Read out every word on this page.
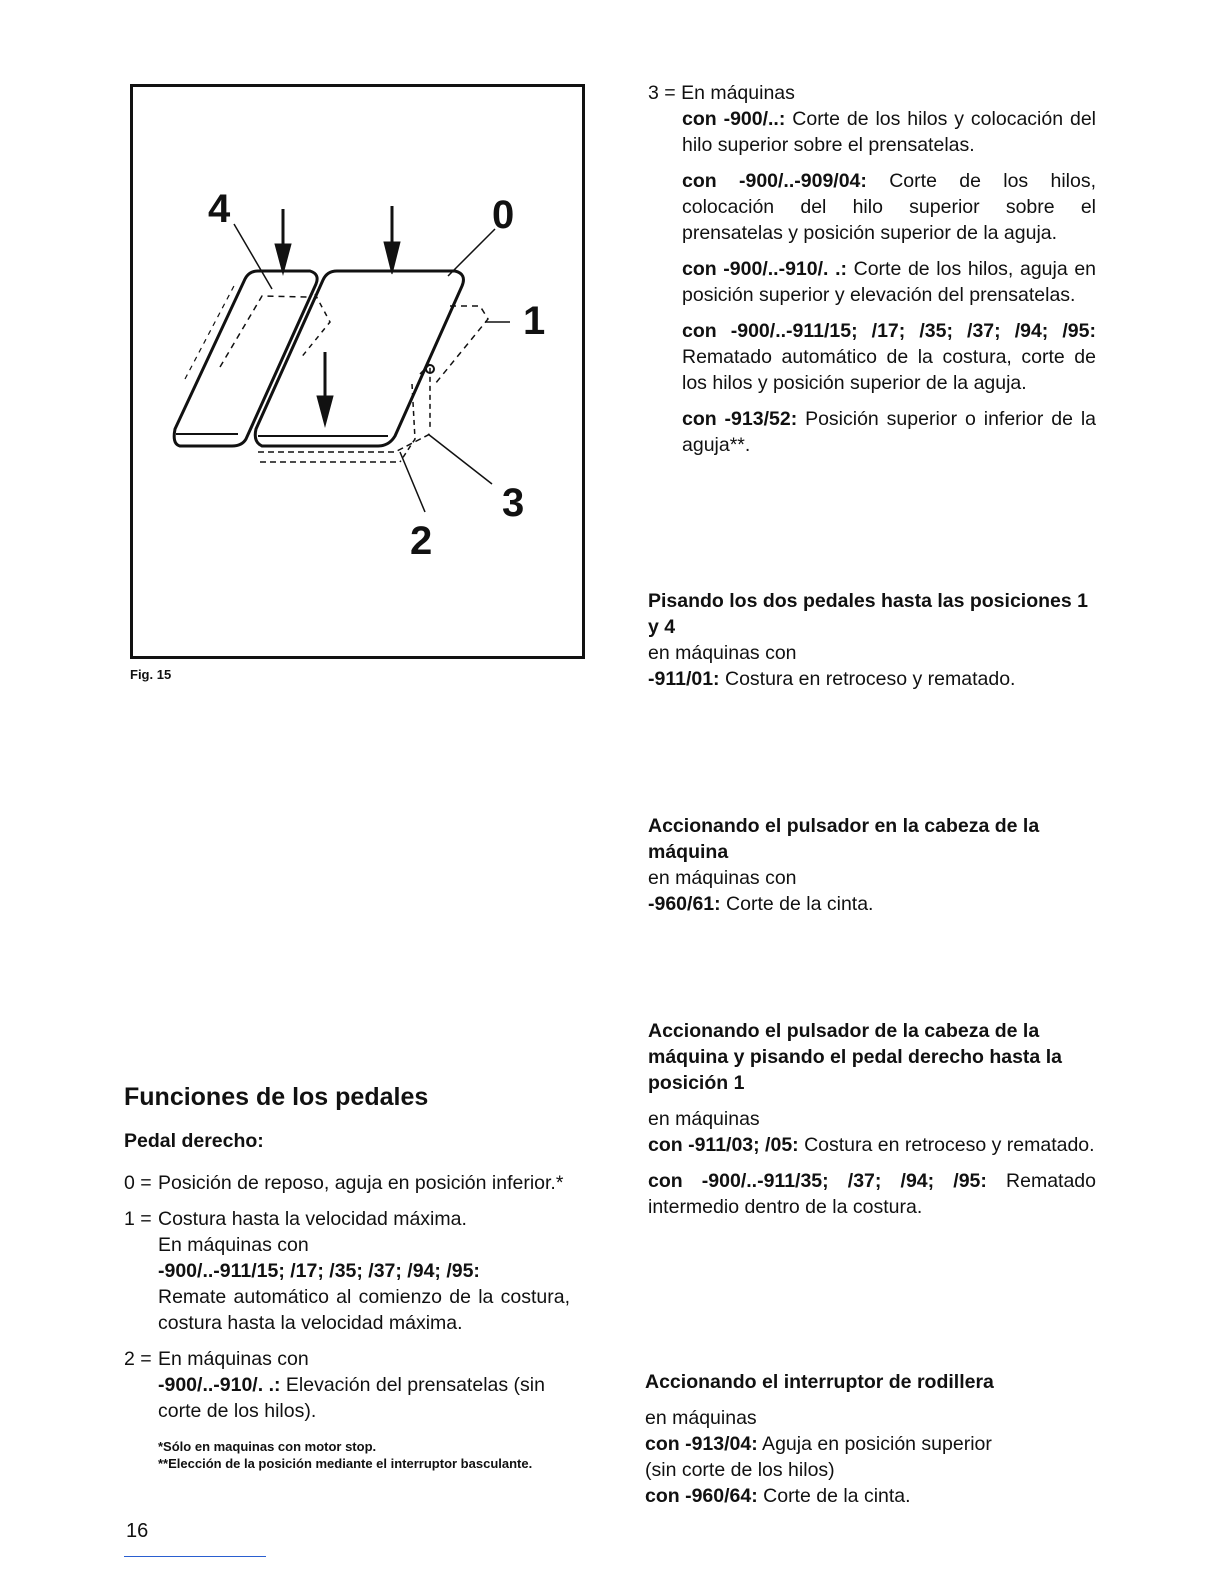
4	0
1
3
2
Fig. 15

3 = En máquinas

con -900/..: Corte de los hilos y colocación del hilo superior sobre el prensatelas.

con -900/..-909/04: Corte de los hilos, colocación del hilo superior sobre el prensatelas y posición superior de la aguja.

con -900/..-910/. .: Corte de los hilos, aguja en posición superior y elevación del prensatelas.

con -900/..-911/15; /17; /35; /37; /94; /95: Rematado automático de la costura, corte de los hilos y posición superior de la aguja.

con -913/52: Posición superior o inferior de la aguja**.

Pisando los dos pedales hasta las posiciones 1 y 4

en máquinas con

-911/01: Costura en retroceso y rematado.

Accionando el pulsador en la cabeza de la máquina

en máquinas con

-960/61: Corte de la cinta.

Accionando el pulsador de la cabeza de la máquina y pisando el pedal derecho hasta la posición 1

en máquinas

con -911/03; /05: Costura en retroceso y rematado.

con -900/..-911/35; /37; /94; /95: Rematado intermedio dentro de la costura.

Accionando el interruptor de rodillera

en máquinas

con -913/04: Aguja en posición superior

(sin corte de los hilos)

con -960/64: Corte de la cinta.

Funciones de los pedales
Pedal derecho:
0 = Posición de reposo, aguja en posición inferior.*
1 = Costura hasta la velocidad máxima.
En máquinas con
-900/..-911/15; /17; /35; /37; /94; /95:
Remate automático al comienzo de la costura, costura hasta la velocidad máxima.
2 = En máquinas con
-900/..-910/. .: Elevación del prensatelas (sin corte de los hilos).

*Sólo en maquinas con motor stop.

**Elección de la posición mediante el interruptor basculante.

16
